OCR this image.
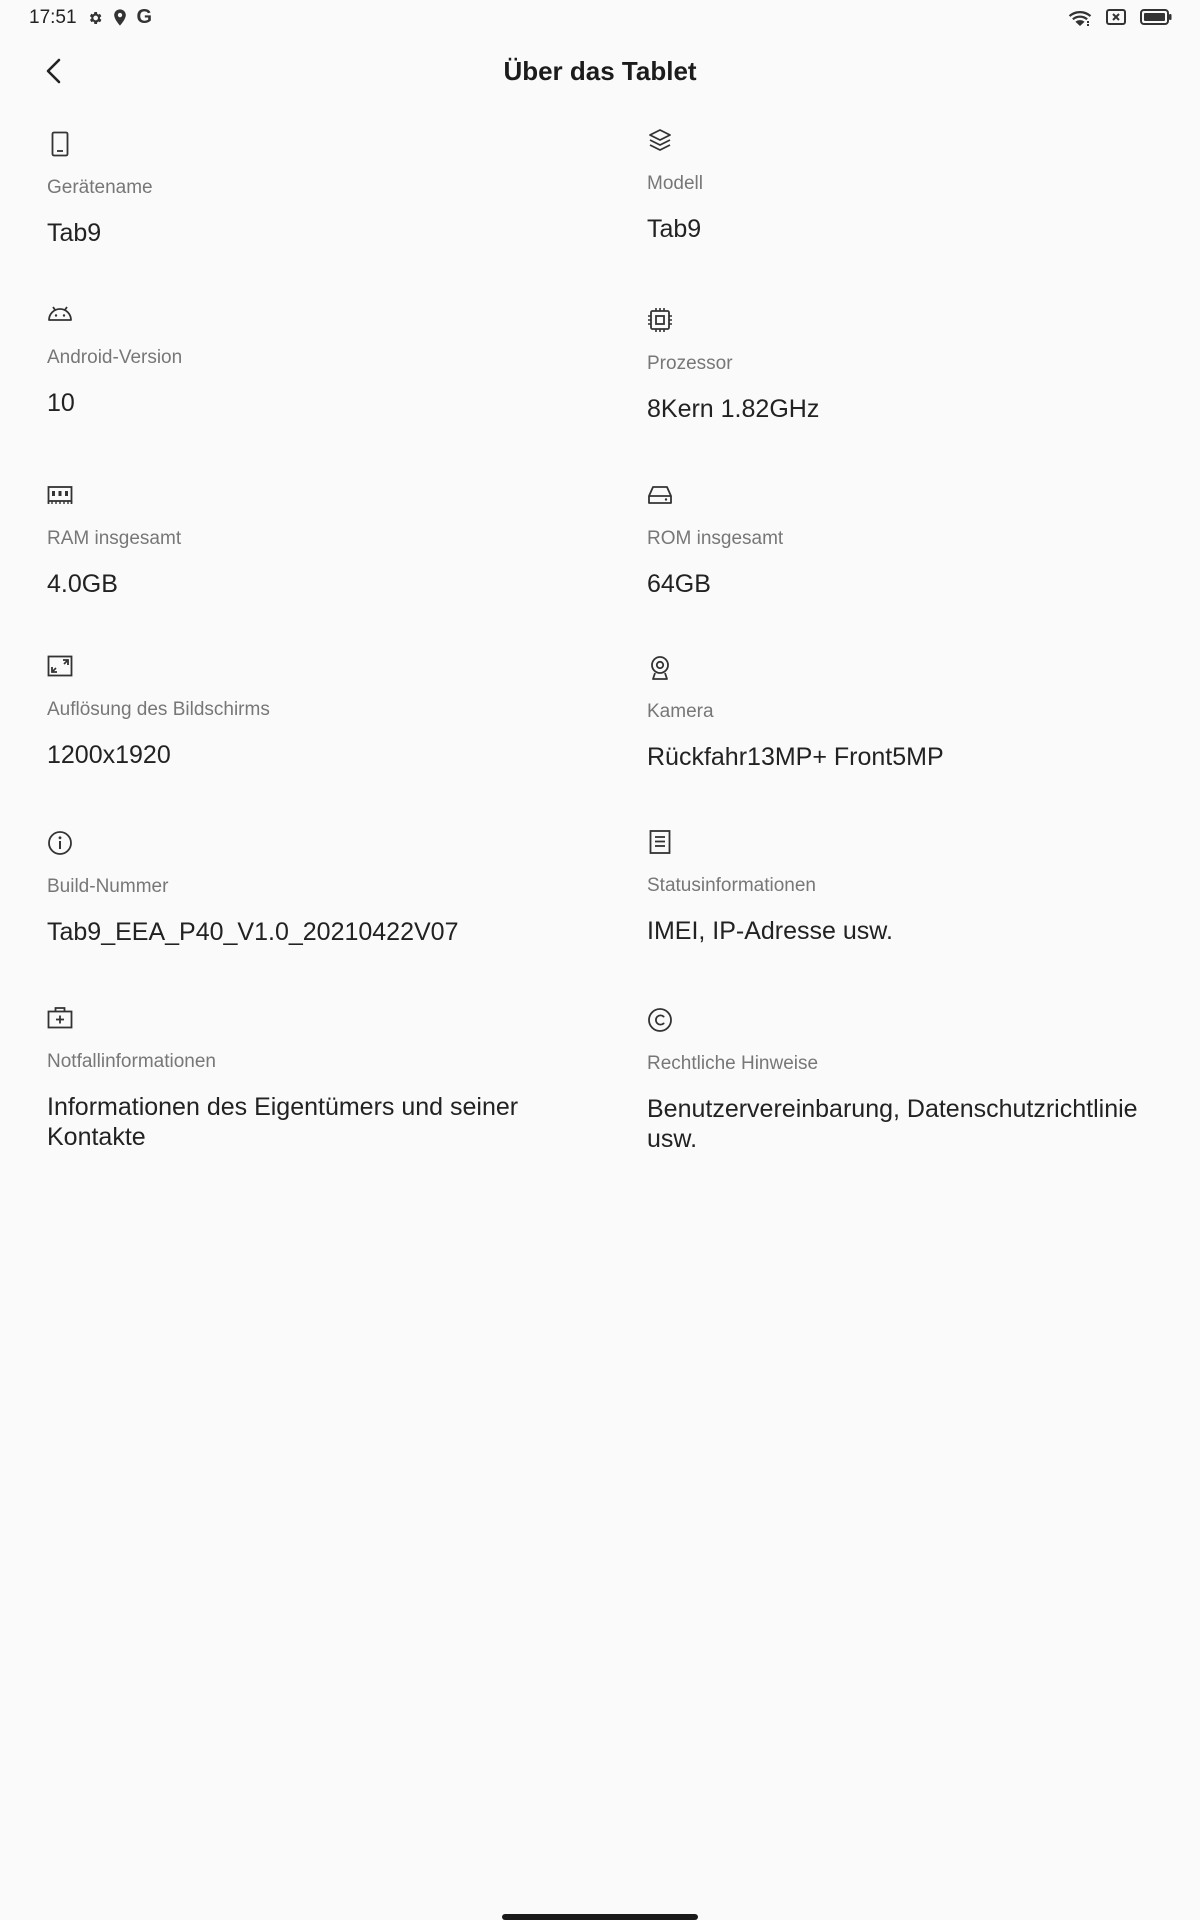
17:51	G
Über das Tablet
Gerätename
Tab9
Modell
Tab9
Android-Version
10
Prozessor
8Kern 1.82GHz
RAM insgesamt
4.0GB
ROM insgesamt
64GB
Auflösung des Bildschirms
1200x1920
Kamera
Rückfahr13MP+ Front5MP
Build-Nummer
Tab9_EEA_P40_V1.0_20210422V07
Statusinformationen
IMEI, IP-Adresse usw.
Notfallinformationen
Informationen des Eigentümers und seiner Kontakte
Rechtliche Hinweise
Benutzervereinbarung, Datenschutzrichtlinie usw.
